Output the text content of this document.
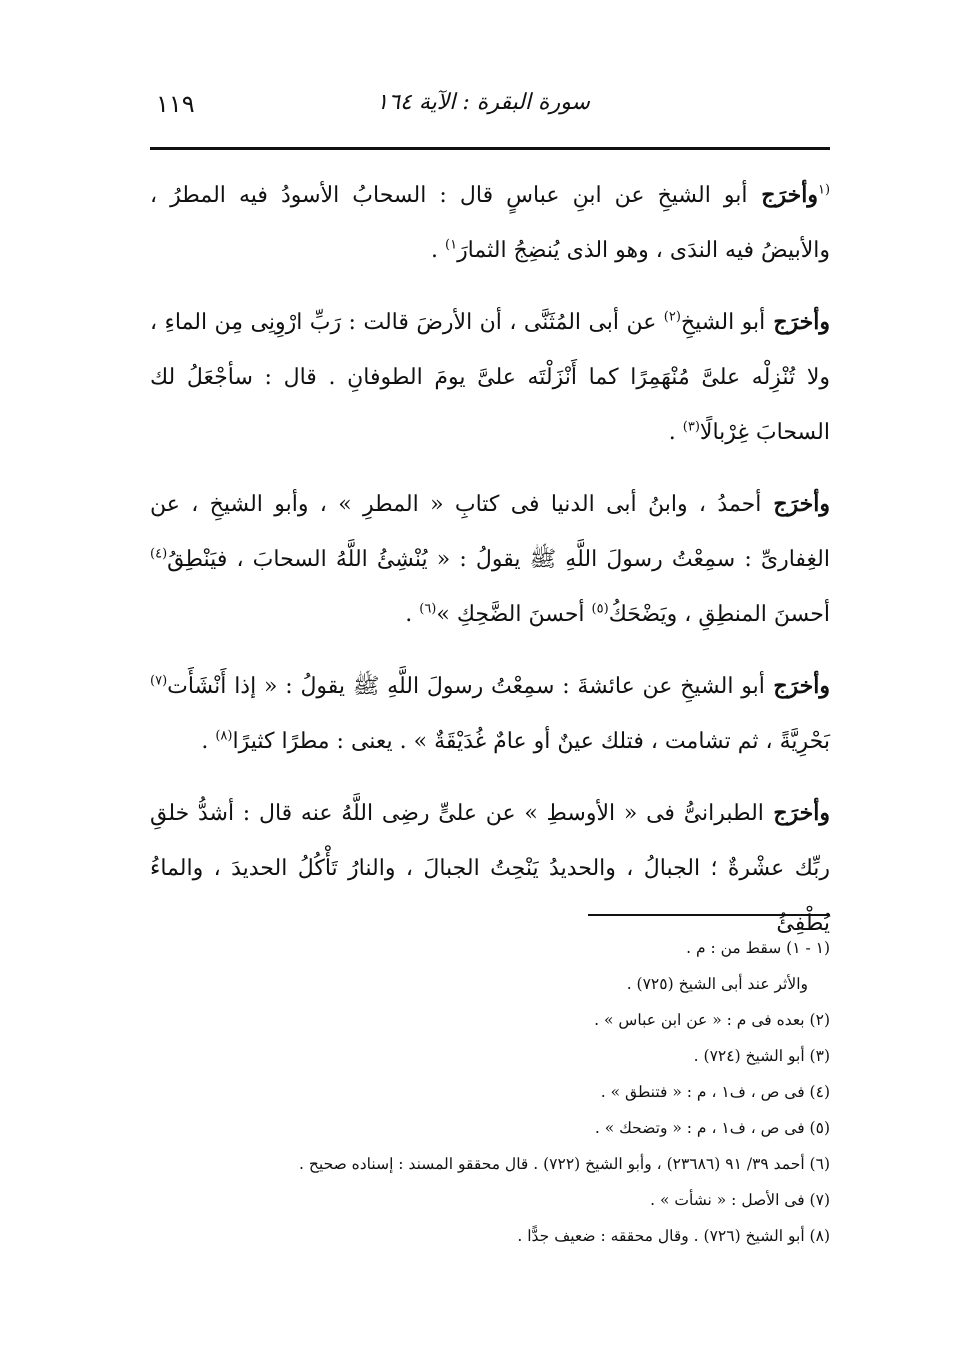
١١٩	سورة البقرة : الآية ١٦٤

$^{(١}$وأخرَج أبو الشيخِ عن ابنِ عباسٍ قال : السحابُ الأسودُ فيه المطرُ ، والأبيضُ فيه الندَى ، وهو الذى يُنضِجُ الثمارَ$^{١)}$ .

وأخرَج أبو الشيخِ$^{(٢)}$ عن أبى المُثَنَّى ، أن الأرضَ قالت : رَبِّ ارْوِنِى مِن الماءِ ، ولا تُنْزِلْه علىَّ مُنْهَمِرًا كما أَنْزَلْتَه علىَّ يومَ الطوفانِ . قال : سأجْعَلُ لك السحابَ غِرْبالًا$^{(٣)}$ .

وأخرَج أحمدُ ، وابنُ أبى الدنيا فى كتابِ « المطرِ » ، وأبو الشيخِ ، عن الغِفارىِّ : سمِعْتُ رسولَ اللَّهِ ﷺ يقولُ : « يُنْشِئُ اللَّهُ السحابَ ، فيَنْطِقُ$^{(٤)}$ أحسنَ المنطِقِ ، ويَضْحَكُ$^{(٥)}$ أحسنَ الضَّحِكِ »$^{(٦)}$ .

وأخرَج أبو الشيخِ عن عائشةَ : سمِعْتُ رسولَ اللَّهِ ﷺ يقولُ : « إذا أَنْشَأَت$^{(٧)}$ بَحْرِيَّةً ، ثم تشامت ، فتلك عينٌ أو عامٌ غُدَيْقَةٌ » . يعنى : مطرًا كثيرًا$^{(٨)}$ .

وأخرَج الطبرانىُّ فى « الأوسطِ » عن علىٍّ رضِى اللَّهُ عنه قال : أشدُّ خلقِ ربِّك عشْرةٌ ؛ الجبالُ ، والحديدُ يَنْحِتُ الجبالَ ، والنارُ تَأْكُلُ الحديدَ ، والماءُ يُطْفِئُ

(١ - ١) سقط من : م .

والأثر عند أبى الشيخ (٧٢٥) .

(٢) بعده فى م : « عن ابن عباس » .

(٣) أبو الشيخ (٧٢٤) .

(٤) فى ص ، ف١ ، م : « فتنطق » .

(٥) فى ص ، ف١ ، م : « وتضحك » .

(٦) أحمد ٣٩/ ٩١ (٢٣٦٨٦) ، وأبو الشيخ (٧٢٢) . قال محققو المسند : إسناده صحيح .

(٧) فى الأصل : « نشأت » .

(٨) أبو الشيخ (٧٢٦) . وقال محققه : ضعيف جدًّا .
